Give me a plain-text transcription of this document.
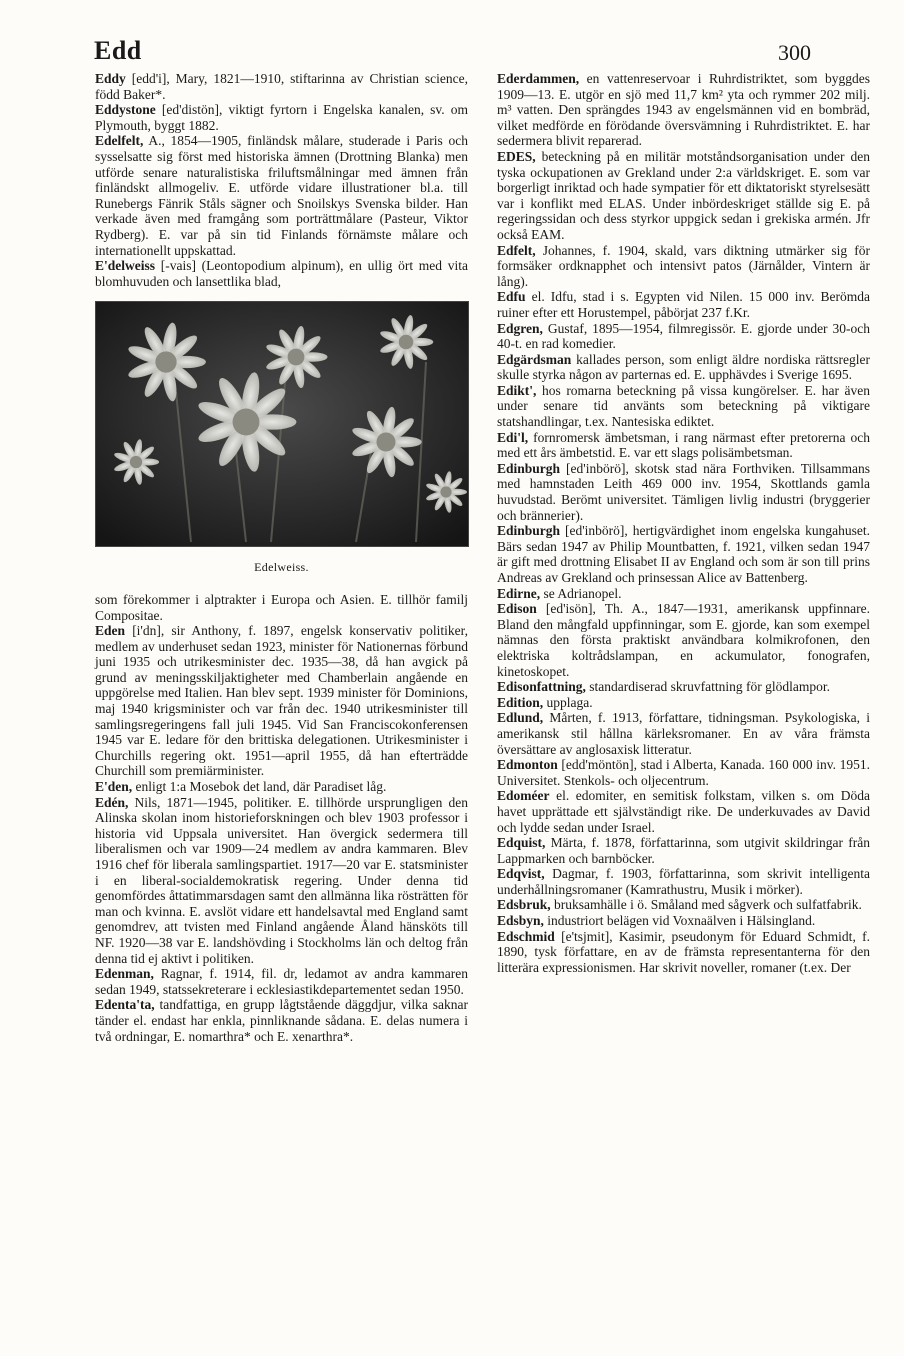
Edd	300

Eddy [edd'i], Mary, 1821—1910, stiftarinna av Christian science, född Baker*.

Eddystone [ed'distön], viktigt fyrtorn i Engelska kanalen, sv. om Plymouth, byggt 1882.

Edelfelt, A., 1854—1905, finländsk målare, studerade i Paris och sysselsatte sig först med historiska ämnen (Drottning Blanka) men utförde senare naturalistiska friluftsmålningar med ämnen från finländskt allmogeliv. E. utförde vidare illustrationer bl.a. till Runebergs Fänrik Ståls sägner och Snoilskys Svenska bilder. Han verkade även med framgång som porträttmålare (Pasteur, Viktor Rydberg). E. var på sin tid Finlands förnämste målare och internationellt uppskattad.

E'delweiss [-vais] (Leontopodium alpinum), en ullig ört med vita blomhuvuden och lansettlika blad,

Edelweiss.

som förekommer i alptrakter i Europa och Asien. E. tillhör familj Compositae.

Eden [i'dn], sir Anthony, f. 1897, engelsk konservativ politiker, medlem av underhuset sedan 1923, minister för Nationernas förbund juni 1935 och utrikesminister dec. 1935—38, då han avgick på grund av meningsskiljaktigheter med Chamberlain angående en uppgörelse med Italien. Han blev sept. 1939 minister för Dominions, maj 1940 krigsminister och var från dec. 1940 utrikesminister till samlingsregeringens fall juli 1945. Vid San Franciscokonferensen 1945 var E. ledare för den brittiska delegationen. Utrikesminister i Churchills regering okt. 1951—april 1955, då han efterträdde Churchill som premiärminister.

E'den, enligt 1:a Mosebok det land, där Paradiset låg.

Edén, Nils, 1871—1945, politiker. E. tillhörde ursprungligen den Alinska skolan inom historieforskningen och blev 1903 professor i historia vid Uppsala universitet. Han övergick sedermera till liberalismen och var 1909—24 medlem av andra kammaren. Blev 1916 chef för liberala samlingspartiet. 1917—20 var E. statsminister i en liberal-socialdemokratisk regering. Under denna tid genomfördes åttatimmarsdagen samt den allmänna lika rösträtten för man och kvinna. E. avslöt vidare ett handelsavtal med England samt genomdrev, att tvisten med Finland angående Åland hänsköts till NF. 1920—38 var E. landshövding i Stockholms län och deltog från denna tid ej aktivt i politiken.

Edenman, Ragnar, f. 1914, fil. dr, ledamot av andra kammaren sedan 1949, statssekreterare i ecklesiastikdepartementet sedan 1950.

Edenta'ta, tandfattiga, en grupp lågtstående däggdjur, vilka saknar tänder el. endast har enkla, pinnliknande sådana. E. delas numera i två ordningar, E. nomarthra* och E. xenarthra*.

Ederdammen, en vattenreservoar i Ruhrdistriktet, som byggdes 1909—13. E. utgör en sjö med 11,7 km² yta och rymmer 202 milj. m³ vatten. Den sprängdes 1943 av engelsmännen vid en bombräd, vilket medförde en förödande översvämning i Ruhrdistriktet. E. har sedermera blivit reparerad.

EDES, beteckning på en militär motståndsorganisation under den tyska ockupationen av Grekland under 2:a världskriget. E. som var borgerligt inriktad och hade sympatier för ett diktatoriskt styrelsesätt var i konflikt med ELAS. Under inbördeskriget ställde sig E. på regeringssidan och dess styrkor uppgick sedan i grekiska armén. Jfr också EAM.

Edfelt, Johannes, f. 1904, skald, vars diktning utmärker sig för formsäker ordknapphet och intensivt patos (Järnålder, Vintern är lång).

Edfu el. Idfu, stad i s. Egypten vid Nilen. 15 000 inv. Berömda ruiner efter ett Horustempel, påbörjat 237 f.Kr.

Edgren, Gustaf, 1895—1954, filmregissör. E. gjorde under 30-och 40-t. en rad komedier.

Edgärdsman kallades person, som enligt äldre nordiska rättsregler skulle styrka någon av parternas ed. E. upphävdes i Sverige 1695.

Edikt', hos romarna beteckning på vissa kungörelser. E. har även under senare tid använts som beteckning på viktigare statshandlingar, t.ex. Nantesiska ediktet.

Edi'l, fornromersk ämbetsman, i rang närmast efter pretorerna och med ett års ämbetstid. E. var ett slags polisämbetsman.

Edinburgh [ed'inbörö], skotsk stad nära Forthviken. Tillsammans med hamnstaden Leith 469 000 inv. 1954, Skottlands gamla huvudstad. Berömt universitet. Tämligen livlig industri (bryggerier och brännerier).

Edinburgh [ed'inbörö], hertigvärdighet inom engelska kungahuset. Bärs sedan 1947 av Philip Mountbatten, f. 1921, vilken sedan 1947 är gift med drottning Elisabet II av England och som är son till prins Andreas av Grekland och prinsessan Alice av Battenberg.

Edirne, se Adrianopel.

Edison [ed'isön], Th. A., 1847—1931, amerikansk uppfinnare. Bland den mångfald uppfinningar, som E. gjorde, kan som exempel nämnas den första praktiskt användbara kolmikrofonen, den elektriska koltrådslampan, en ackumulator, fonografen, kinetoskopet.

Edisonfattning, standardiserad skruvfattning för glödlampor.

Edition, upplaga.

Edlund, Mårten, f. 1913, författare, tidningsman. Psykologiska, i amerikansk stil hållna kärleksromaner. En av våra främsta översättare av anglosaxisk litteratur.

Edmonton [edd'möntön], stad i Alberta, Kanada. 160 000 inv. 1951. Universitet. Stenkols- och oljecentrum.

Edoméer el. edomiter, en semitisk folkstam, vilken s. om Döda havet upprättade ett självständigt rike. De underkuvades av David och lydde sedan under Israel.

Edquist, Märta, f. 1878, författarinna, som utgivit skildringar från Lappmarken och barnböcker.

Edqvist, Dagmar, f. 1903, författarinna, som skrivit intelligenta underhållningsromaner (Kamrathustru, Musik i mörker).

Edsbruk, bruksamhälle i ö. Småland med sågverk och sulfatfabrik.

Edsbyn, industriort belägen vid Voxnaälven i Hälsingland.

Edschmid [e'tsjmit], Kasimir, pseudonym för Eduard Schmidt, f. 1890, tysk författare, en av de främsta representanterna för den litterära expressionismen. Har skrivit noveller, romaner (t.ex. Der
